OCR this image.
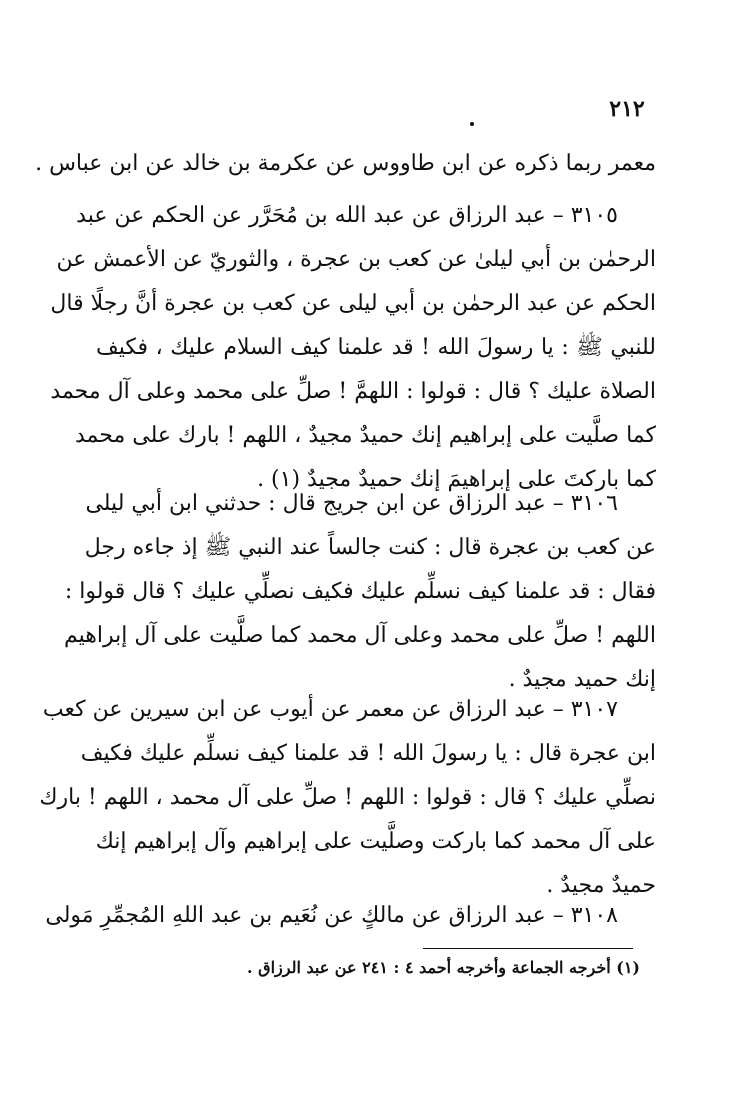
٢١٢
معمر ربما ذكره عن ابن طاووس عن عكرمة بن خالد عن ابن عباس .
٣١٠٥ – عبد الرزاق عن عبد الله بن مُحَرَّر عن الحكم عن عبد
الرحمٰن بن أبي ليلىٰ عن كعب بن عجرة ، والثوريّ عن الأعمش عن
الحكم عن عبد الرحمٰن بن أبي ليلى عن كعب بن عجرة أنَّ رجلًا قال
للنبي ﷺ : يا رسولَ الله ! قد علمنا كيف السلام عليك ، فكيف
الصلاة عليك ؟ قال : قولوا : اللهمَّ ! صلِّ على محمد وعلى آل محمد
كما صلَّيت على إبراهيم إنك حميدٌ مجيدٌ ، اللهم ! بارك على محمد
كما باركتَ على إبراهيمَ إنك حميدٌ مجيدٌ (١) .
٣١٠٦ – عبد الرزاق عن ابن جريج قال : حدثني ابن أبي ليلى
عن كعب بن عجرة قال : كنت جالساً عند النبي ﷺ إذ جاءه رجل
فقال : قد علمنا كيف نسلِّم عليك فكيف نصلِّي عليك ؟ قال قولوا :
اللهم ! صلِّ على محمد وعلى آل محمد كما صلَّيت على آل إبراهيم
إنك حميد مجيدٌ .
٣١٠٧ – عبد الرزاق عن معمر عن أيوب عن ابن سيرين عن كعب
ابن عجرة قال : يا رسولَ الله ! قد علمنا كيف نسلِّم عليك فكيف
نصلِّي عليك ؟ قال : قولوا : اللهم ! صلِّ على آل محمد ، اللهم ! بارك
على آل محمد كما باركت وصلَّيت على إبراهيم وآل إبراهيم إنك
حميدٌ مجيدٌ .
٣١٠٨ – عبد الرزاق عن مالكٍ عن نُعَيم بن عبد اللهِ المُجمِّرِ مَولى
(١) أخرجه الجماعة وأخرجه أحمد ٤ : ٢٤١ عن عبد الرزاق .
